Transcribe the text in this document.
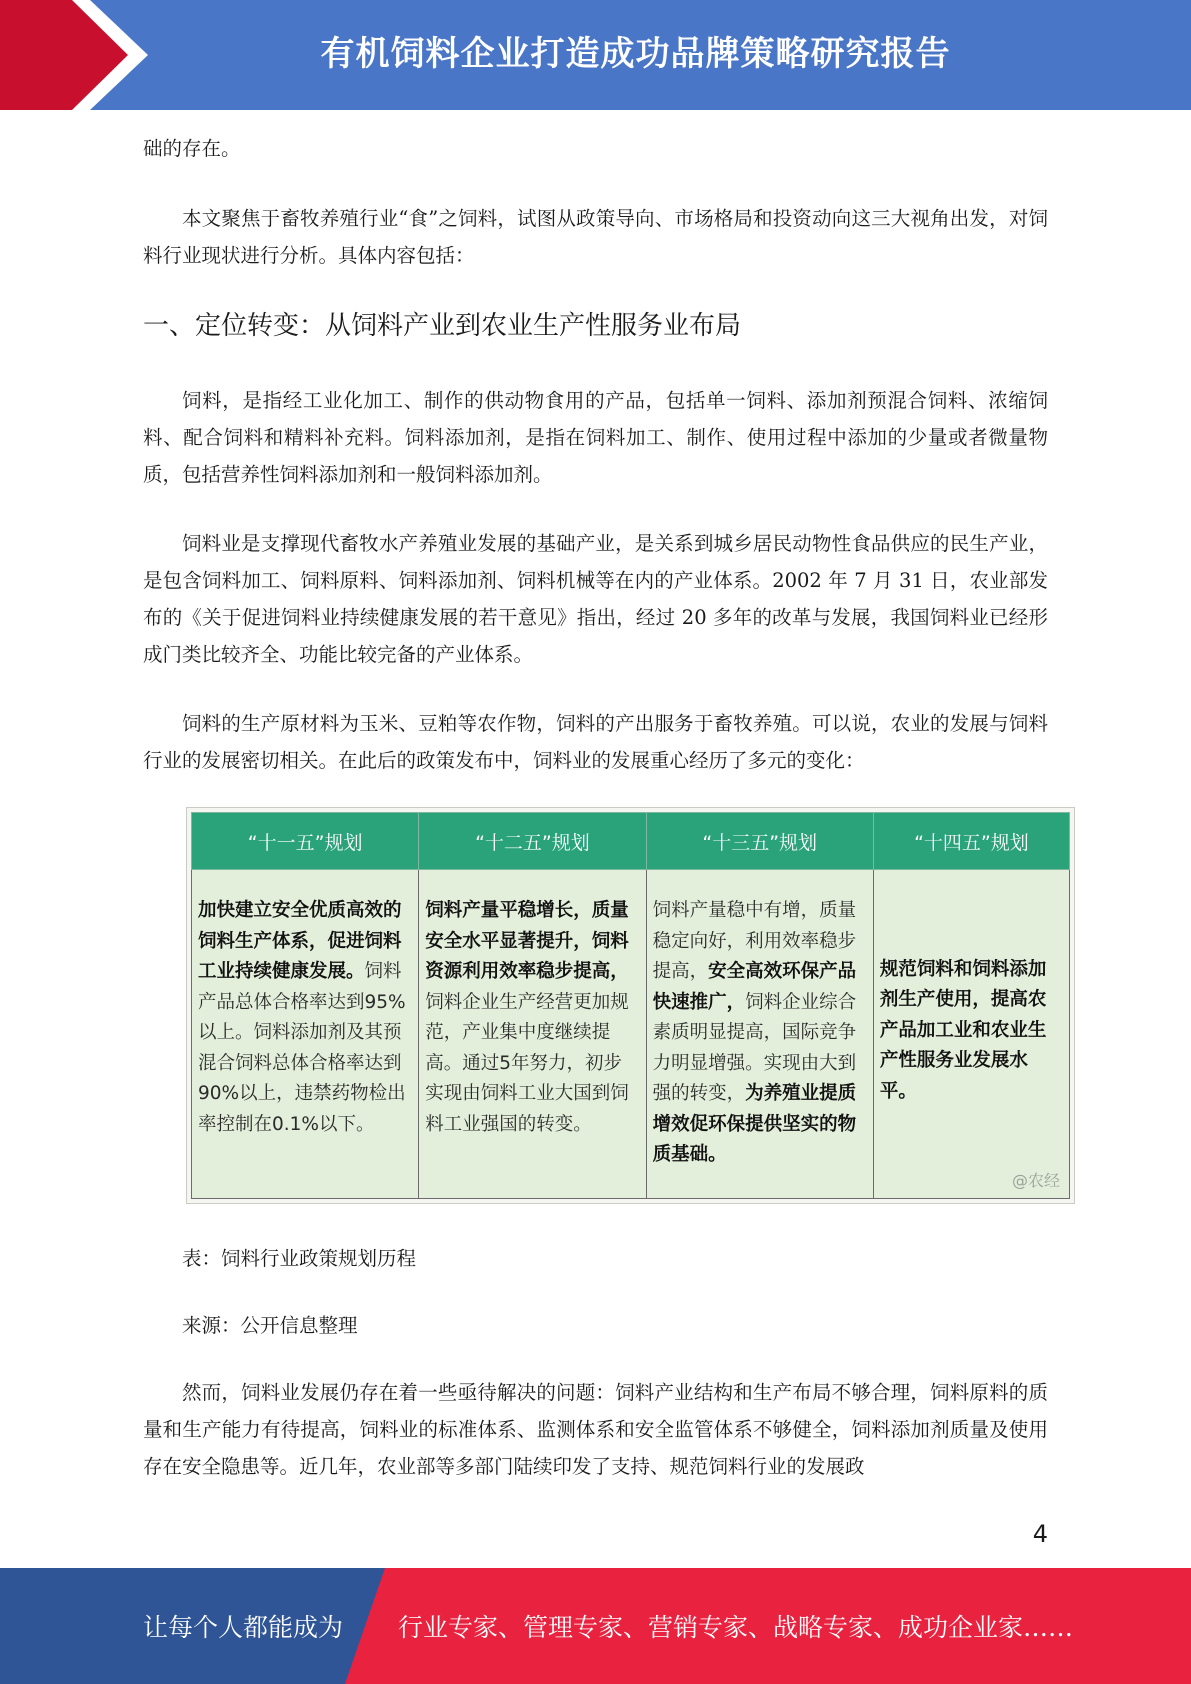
有机饲料企业打造成功品牌策略研究报告

础的存在。

本文聚焦于畜牧养殖行业“食”之饲料，试图从政策导向、市场格局和投资动向这三大视角出发，对饲料行业现状进行分析。具体内容包括：

一、定位转变：从饲料产业到农业生产性服务业布局

饲料，是指经工业化加工、制作的供动物食用的产品，包括单一饲料、添加剂预混合饲料、浓缩饲料、配合饲料和精料补充料。饲料添加剂，是指在饲料加工、制作、使用过程中添加的少量或者微量物质，包括营养性饲料添加剂和一般饲料添加剂。

饲料业是支撑现代畜牧水产养殖业发展的基础产业，是关系到城乡居民动物性食品供应的民生产业，是包含饲料加工、饲料原料、饲料添加剂、饲料机械等在内的产业体系。2002 年 7 月 31 日，农业部发布的《关于促进饲料业持续健康发展的若干意见》指出，经过 20 多年的改革与发展，我国饲料业已经形成门类比较齐全、功能比较完备的产业体系。

饲料的生产原材料为玉米、豆粕等农作物，饲料的产出服务于畜牧养殖。可以说，农业的发展与饲料行业的发展密切相关。在此后的政策发布中，饲料业的发展重心经历了多元的变化：

“十一五”规划	“十二五”规划	“十三五”规划	“十四五”规划
加快建立安全优质高效的饲料生产体系，促进饲料工业持续健康发展。饲料产品总体合格率达到95%以上。饲料添加剂及其预混合饲料总体合格率达到90%以上，违禁药物检出率控制在0.1%以下。	饲料产量平稳增长，质量安全水平显著提升，饲料资源利用效率稳步提高，饲料企业生产经营更加规范，产业集中度继续提高。通过5年努力，初步实现由饲料工业大国到饲料工业强国的转变。	饲料产量稳中有增，质量稳定向好，利用效率稳步提高，安全高效环保产品快速推广，饲料企业综合素质明显提高，国际竞争力明显增强。实现由大到强的转变，为养殖业提质增效促环保提供坚实的物质基础。	规范饲料和饲料添加剂生产使用，提高农产品加工业和农业生产性服务业发展水平。
@农经

表：饲料行业政策规划历程

来源：公开信息整理

然而，饲料业发展仍存在着一些亟待解决的问题：饲料产业结构和生产布局不够合理，饲料原料的质量和生产能力有待提高，饲料业的标准体系、监测体系和安全监管体系不够健全，饲料添加剂质量及使用存在安全隐患等。近几年，农业部等多部门陆续印发了支持、规范饲料行业的发展政

4
让每个人都能成为 行业专家、管理专家、营销专家、战略专家、成功企业家……
